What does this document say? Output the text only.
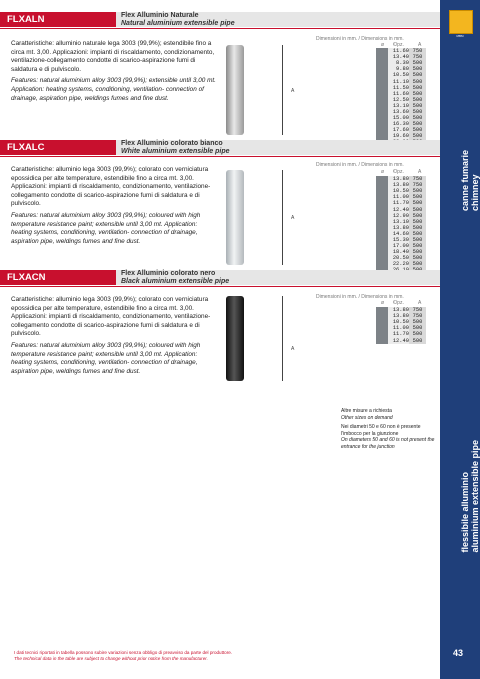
MBM
canne fumarie chimney
flessibile alluminio aluminium extensible pipe
FLXALN	Flex Alluminio Naturale
Natural aluminium extensible pipe
Caratteristiche: alluminio naturale lega 3003 (99,9%); estendibile fino a circa mt. 3,00. Applicazioni: impianti di riscaldamento, condizionamento, ventilazione-collegamento condotte di scarico-aspirazione fumi di saldatura e di pulviscolo.
Features: natural aluminium alloy 3003 (99,9%); extensible until 3,00 mt. Application: heating systems, conditioning, ventilation- connection of drainage, aspiration pipe, weldings fumes and fine dust.
A
Dimensioni in mm. / Dimensions in mm.
ø €/pz.	A
	11.60	750
	13.40	750
	8.30	500
	9.80	500
	10.50	500
	11.10	500
	11.50	500
	11.60	500
	12.50	500
	13.10	500
	13.60	500
	15.00	500
	16.30	500
	17.60	500
	19.60	500

FLXALC	Flex Alluminio colorato bianco
White aluminium extensible pipe
Caratteristiche: alluminio lega 3003 (99,9%); colorato con verniciatura epossidica per alte temperature, estendibile fino a circa mt. 3,00. Applicazioni: impianti di riscaldamento, condizionamento, ventilazione-collegamento condotte di scarico-aspirazione fumi di saldatura e di pulviscolo.
Features: natural aluminium alloy 3003 (99,9%); coloured with high temperature resistance paint; extensible until 3,00 mt. Application: heating systems, conditioning, ventilation- connection of drainage, aspiration pipe, weldings fumes and fine dust.
A
Dimensioni in mm. / Dimensions in mm.
ø €/pz.	A
	13.80	750
	13.80	750
	10.50	500
	11.00	500
	11.70	500
	12.40	500
	12.90	500
	13.10	500
	13.80	500
	14.60	500
	15.30	500
	17.00	500
	18.40	500
	20.50	500
	22.20	500

FLXACN	Flex Alluminio colorato nero
Black aluminium extensible pipe
Caratteristiche: alluminio lega 3003 (99,9%); colorato con verniciatura epossidica per alte temperature, estendibile fino a circa mt. 3,00. Applicazioni: impianti di riscaldamento, condizionamento, ventilazione-collegamento condotte di scarico-aspirazione fumi di saldatura e di pulviscolo.
Features: natural aluminium alloy 3003 (99,9%); coloured with high temperature resistance paint; extensible until 3,00 mt. Application: heating systems, conditioning, ventilation- connection of drainage, aspiration pipe, weldings fumes and fine dust.
A
Dimensioni in mm. / Dimensions in mm.
ø €/pz.	A
	13.80	750
	13.80	750
	10.50	500
	11.00	500
	11.70	500
	12.40	500
Altre misure a richiesta
Other sizes on demand
Nei diametri 50 e 60 non è presente l'imbocco per la giunzione
On diameters 50 and 60 is not present the entrance for the junction
I dati tecnici riportati in tabella possono subire variazioni senza obbligo di preavviso da parte del produttore.
The technical data in the table are subject to change without prior notice from the manufacturer.
43
